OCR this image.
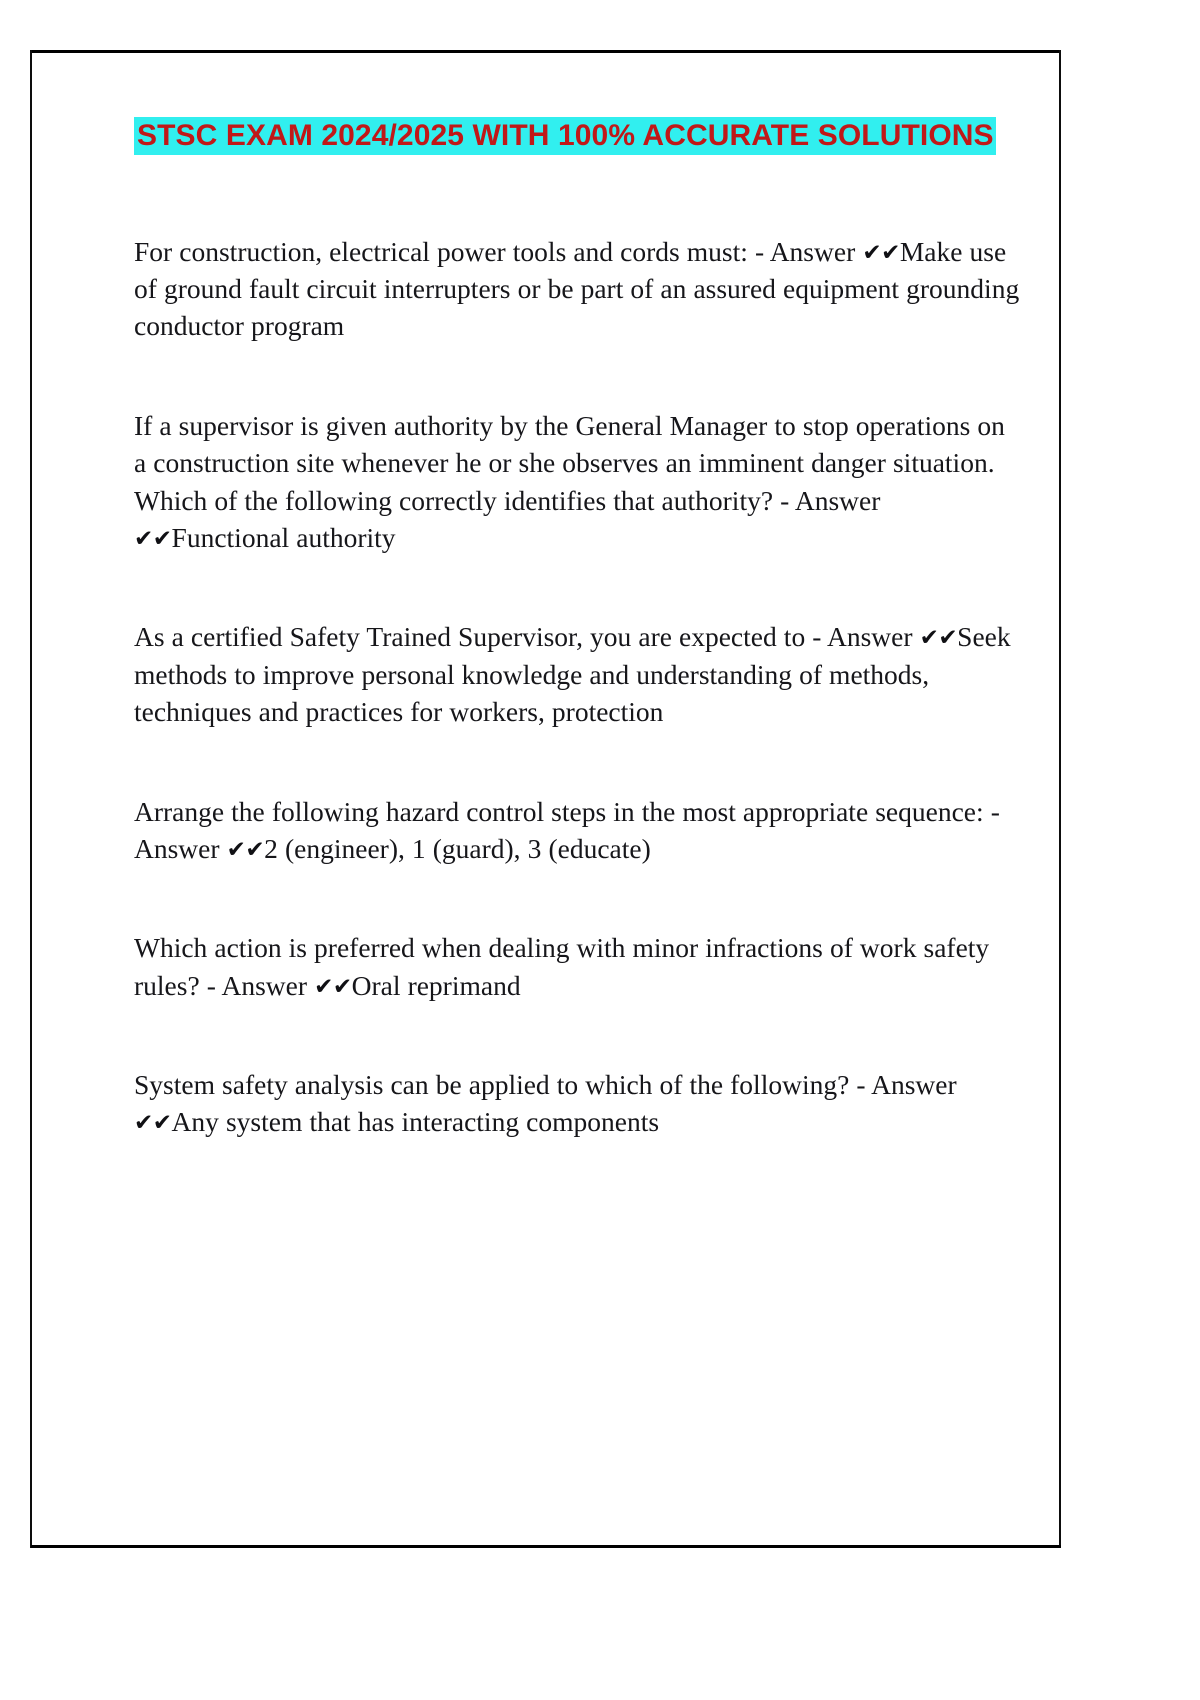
STSC EXAM 2024/2025 WITH 100% ACCURATE SOLUTIONS

For construction, electrical power tools and cords must: - Answer ✔✔Make use of ground fault circuit interrupters or be part of an assured equipment grounding conductor program

If a supervisor is given authority by the General Manager to stop operations on a construction site whenever he or she observes an imminent danger situation. Which of the following correctly identifies that authority? - Answer ✔✔Functional authority

As a certified Safety Trained Supervisor, you are expected to - Answer ✔✔Seek methods to improve personal knowledge and understanding of methods, techniques and practices for workers, protection

Arrange the following hazard control steps in the most appropriate sequence: - Answer ✔✔2 (engineer), 1 (guard), 3 (educate)

Which action is preferred when dealing with minor infractions of work safety rules? - Answer ✔✔Oral reprimand

System safety analysis can be applied to which of the following? - Answer ✔✔Any system that has interacting components
